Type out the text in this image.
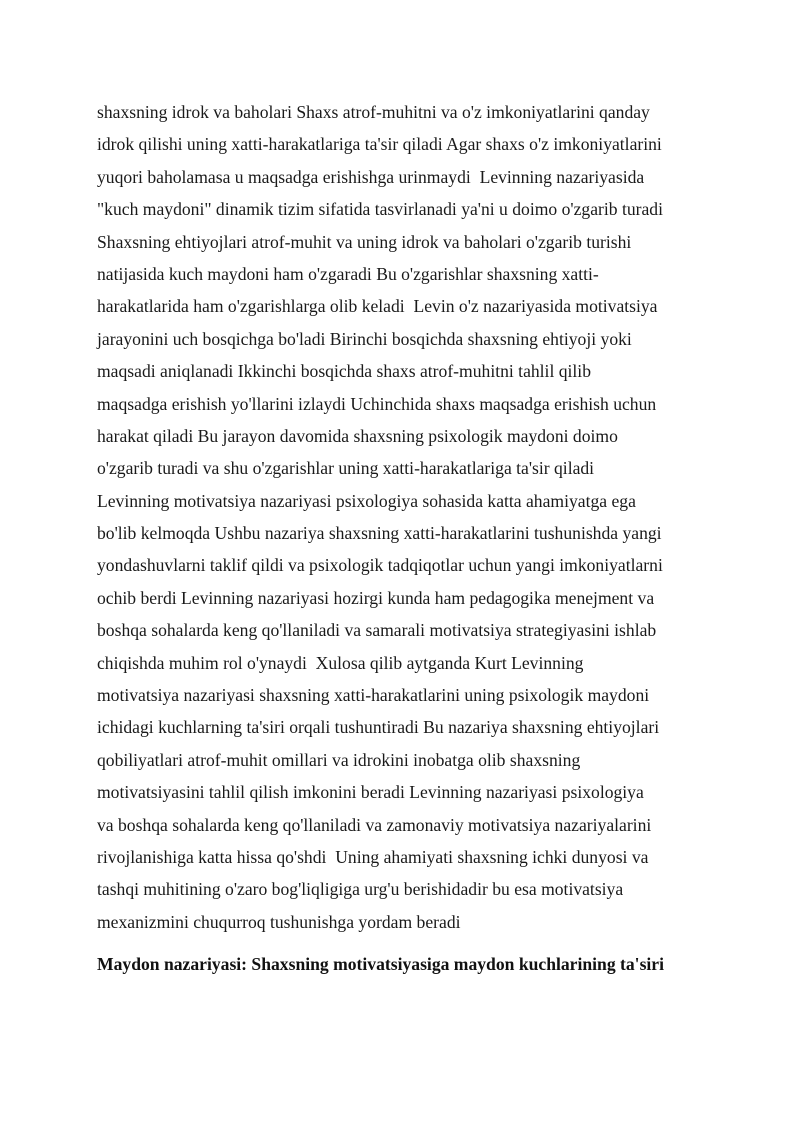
shaxsning idrok va baholari Shaxs atrof-muhitni va o'z imkoniyatlarini qanday
idrok qilishi uning xatti-harakatlariga ta'sir qiladi Agar shaxs o'z imkoniyatlarini
yuqori baholamasa u maqsadga erishishga urinmaydi  Levinning nazariyasida
"kuch maydoni" dinamik tizim sifatida tasvirlanadi ya'ni u doimo o'zgarib turadi
Shaxsning ehtiyojlari atrof-muhit va uning idrok va baholari o'zgarib turishi
natijasida kuch maydoni ham o'zgaradi Bu o'zgarishlar shaxsning xatti-
harakatlarida ham o'zgarishlarga olib keladi  Levin o'z nazariyasida motivatsiya
jarayonini uch bosqichga bo'ladi Birinchi bosqichda shaxsning ehtiyoji yoki
maqsadi aniqlanadi Ikkinchi bosqichda shaxs atrof-muhitni tahlil qilib
maqsadga erishish yo'llarini izlaydi Uchinchida shaxs maqsadga erishish uchun
harakat qiladi Bu jarayon davomida shaxsning psixologik maydoni doimo
o'zgarib turadi va shu o'zgarishlar uning xatti-harakatlariga ta'sir qiladi
Levinning motivatsiya nazariyasi psixologiya sohasida katta ahamiyatga ega
bo'lib kelmoqda Ushbu nazariya shaxsning xatti-harakatlarini tushunishda yangi
yondashuvlarni taklif qildi va psixologik tadqiqotlar uchun yangi imkoniyatlarni
ochib berdi Levinning nazariyasi hozirgi kunda ham pedagogika menejment va
boshqa sohalarda keng qo'llaniladi va samarali motivatsiya strategiyasini ishlab
chiqishda muhim rol o'ynaydi  Xulosa qilib aytganda Kurt Levinning
motivatsiya nazariyasi shaxsning xatti-harakatlarini uning psixologik maydoni
ichidagi kuchlarning ta'siri orqali tushuntiradi Bu nazariya shaxsning ehtiyojlari
qobiliyatlari atrof-muhit omillari va idrokini inobatga olib shaxsning
motivatsiyasini tahlil qilish imkonini beradi Levinning nazariyasi psixologiya
va boshqa sohalarda keng qo'llaniladi va zamonaviy motivatsiya nazariyalarini
rivojlanishiga katta hissa qo'shdi  Uning ahamiyati shaxsning ichki dunyosi va
tashqi muhitining o'zaro bog'liqligiga urg'u berishidadir bu esa motivatsiya
mexanizmini chuqurroq tushunishga yordam beradi
Maydon nazariyasi: Shaxsning motivatsiyasiga maydon kuchlarining ta'siri
